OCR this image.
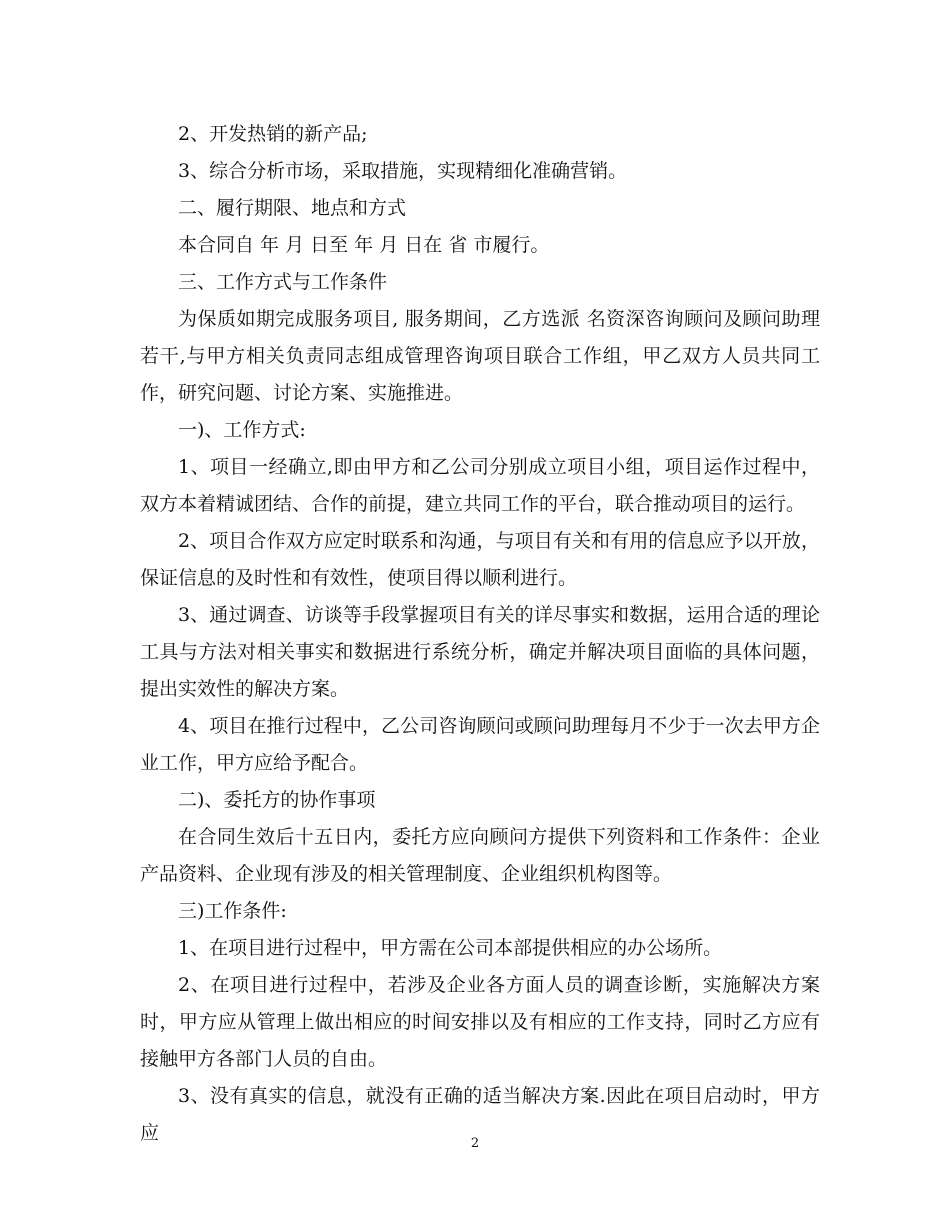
2、开发热销的新产品;

3、综合分析市场，采取措施，实现精细化准确营销。

二、履行期限、地点和方式

本合同自 年 月 日至 年 月 日在 省 市履行。

三、工作方式与工作条件

为保质如期完成服务项目, 服务期间，乙方选派 名资深咨询顾问及顾问助理若干,与甲方相关负责同志组成管理咨询项目联合工作组，甲乙双方人员共同工作，研究问题、讨论方案、实施推进。

一)、工作方式:

1、项目一经确立,即由甲方和乙公司分别成立项目小组，项目运作过程中，双方本着精诚团结、合作的前提，建立共同工作的平台，联合推动项目的运行。

2、项目合作双方应定时联系和沟通，与项目有关和有用的信息应予以开放，保证信息的及时性和有效性，使项目得以顺利进行。

3、通过调查、访谈等手段掌握项目有关的详尽事实和数据，运用合适的理论工具与方法对相关事实和数据进行系统分析，确定并解决项目面临的具体问题，提出实效性的解决方案。

4、项目在推行过程中，乙公司咨询顾问或顾问助理每月不少于一次去甲方企业工作，甲方应给予配合。

二)、委托方的协作事项

在合同生效后十五日内，委托方应向顾问方提供下列资料和工作条件：企业产品资料、企业现有涉及的相关管理制度、企业组织机构图等。

三)工作条件:

1、在项目进行过程中，甲方需在公司本部提供相应的办公场所。

2、在项目进行过程中，若涉及企业各方面人员的调查诊断，实施解决方案时，甲方应从管理上做出相应的时间安排以及有相应的工作支持，同时乙方应有接触甲方各部门人员的自由。

3、没有真实的信息，就没有正确的适当解决方案.因此在项目启动时，甲方应	2
